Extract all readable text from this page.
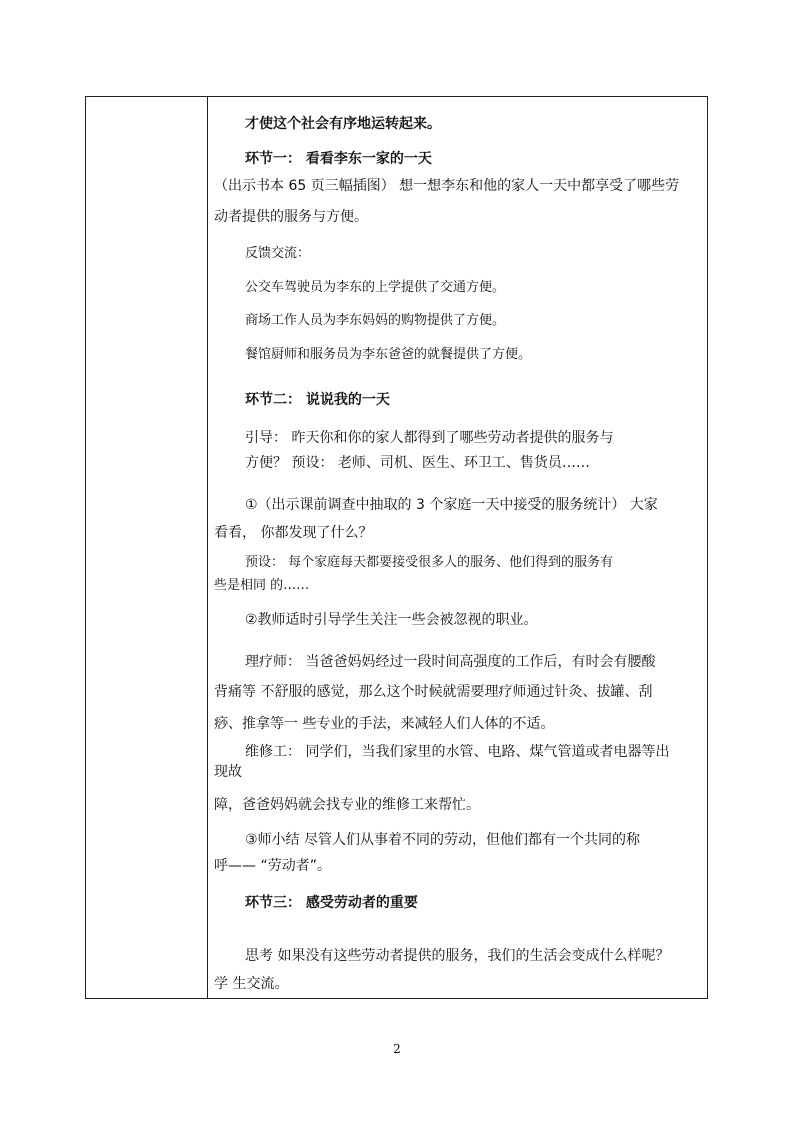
才使这个社会有序地运转起来。
环节一： 看看李东一家的一天
（出示书本 65 页三幅插图） 想一想李东和他的家人一天中都享受了哪些劳
动者提供的服务与方便。
反馈交流：
公交车驾驶员为李东的上学提供了交通方便。
商场工作人员为李东妈妈的购物提供了方便。
餐馆厨师和服务员为李东爸爸的就餐提供了方便。
环节二： 说说我的一天
引导： 昨天你和你的家人都得到了哪些劳动者提供的服务与
方便？ 预设： 老师、司机、医生、环卫工、售货员……
①（出示课前调查中抽取的 3 个家庭一天中接受的服务统计） 大家
看看， 你都发现了什么？
预设： 每个家庭每天都要接受很多人的服务、他们得到的服务有
些是相同 的……
②教师适时引导学生关注一些会被忽视的职业。
理疗师： 当爸爸妈妈经过一段时间高强度的工作后，有时会有腰酸
背痛等 不舒服的感觉，那么这个时候就需要理疗师通过针灸、拔罐、刮
痧、推拿等一 些专业的手法，来减轻人们人体的不适。
维修工： 同学们，当我们家里的水管、电路、煤气管道或者电器等出
现故
障，爸爸妈妈就会找专业的维修工来帮忙。
③师小结 尽管人们从事着不同的劳动，但他们都有一个共同的称
呼—— “劳动者”。
环节三： 感受劳动者的重要
思考 如果没有这些劳动者提供的服务，我们的生活会变成什么样呢？
学 生交流。
2
